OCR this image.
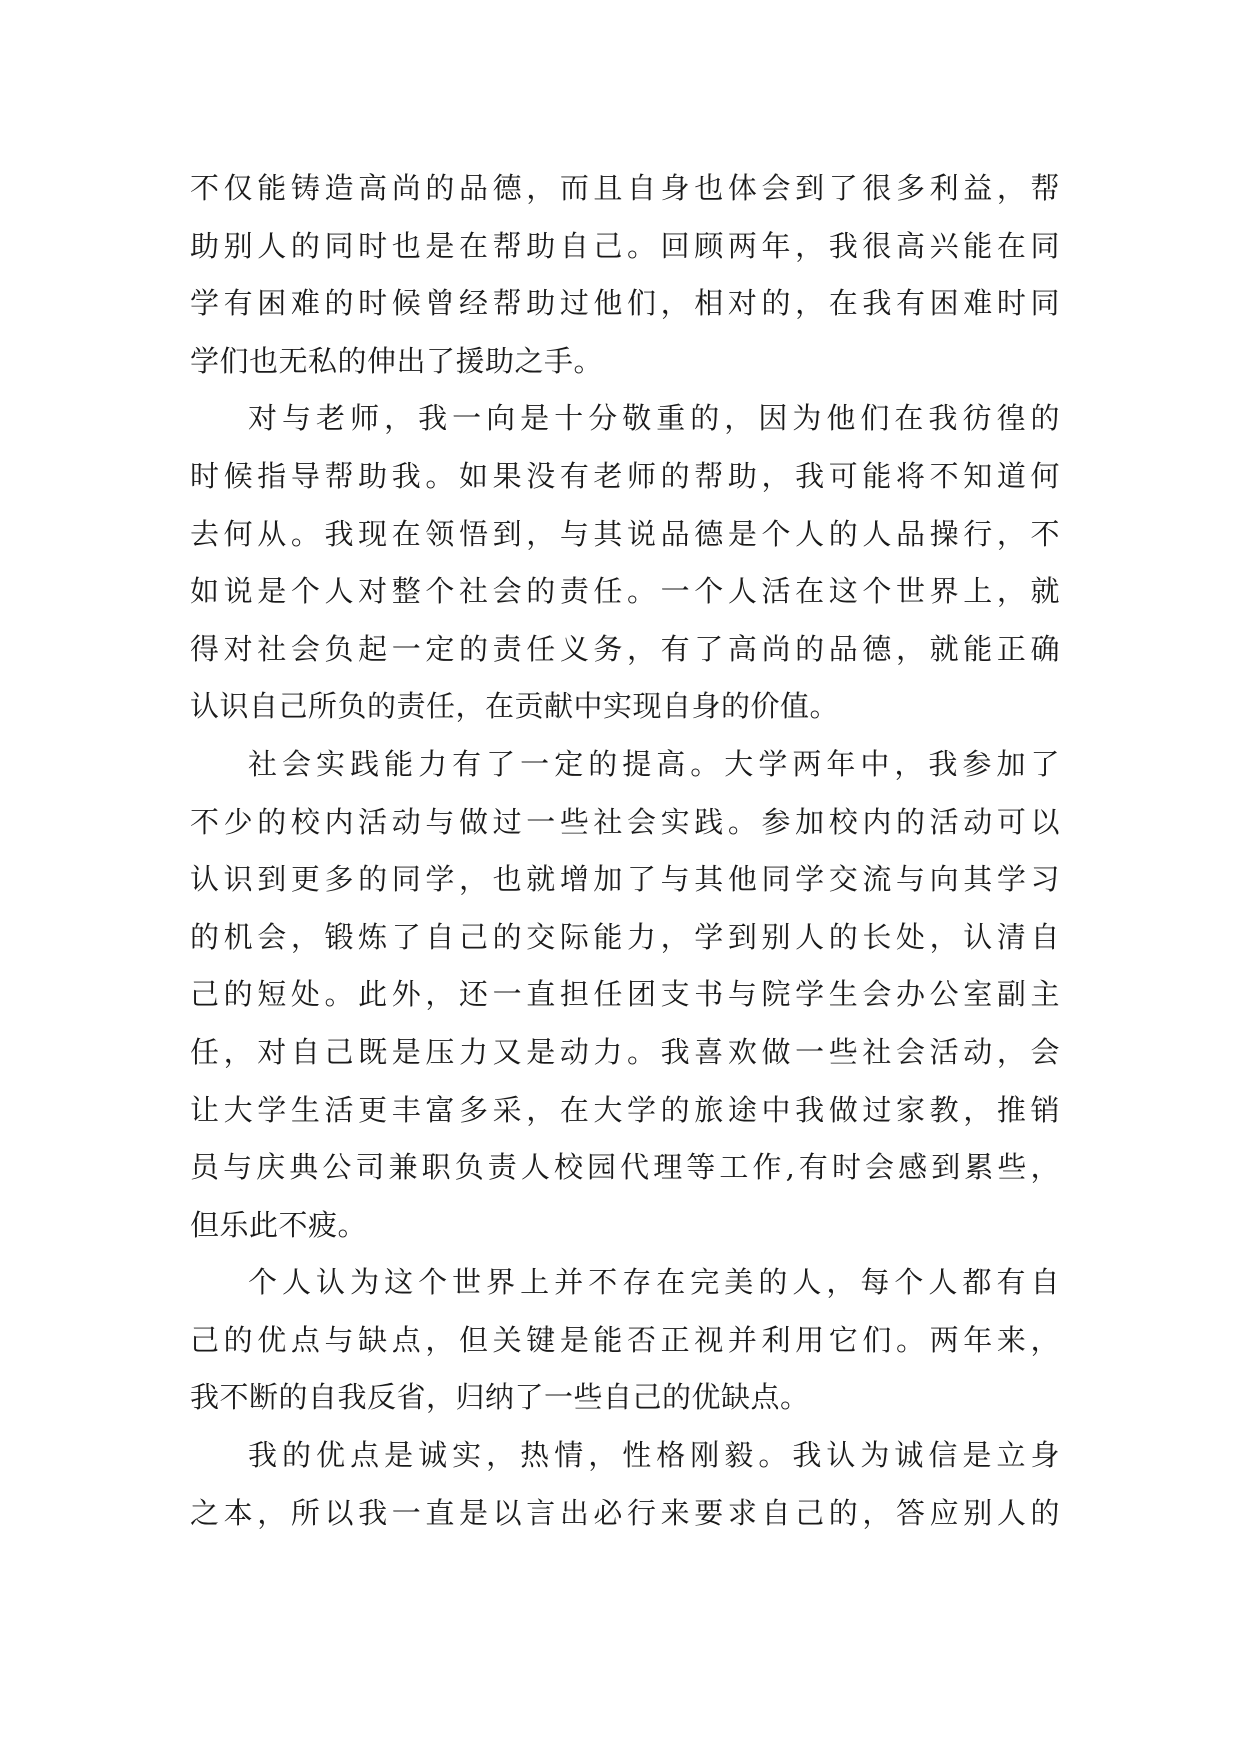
不仅能铸造高尚的品德，而且自身也体会到了很多利益，帮
助别人的同时也是在帮助自己。回顾两年，我很高兴能在同
学有困难的时候曾经帮助过他们，相对的，在我有困难时同
学们也无私的伸出了援助之手。
对与老师，我一向是十分敬重的，因为他们在我彷徨的
时候指导帮助我。如果没有老师的帮助，我可能将不知道何
去何从。我现在领悟到，与其说品德是个人的人品操行，不
如说是个人对整个社会的责任。一个人活在这个世界上，就
得对社会负起一定的责任义务，有了高尚的品德，就能正确
认识自己所负的责任，在贡献中实现自身的价值。
社会实践能力有了一定的提高。大学两年中，我参加了
不少的校内活动与做过一些社会实践。参加校内的活动可以
认识到更多的同学，也就增加了与其他同学交流与向其学习
的机会，锻炼了自己的交际能力，学到别人的长处，认清自
己的短处。此外，还一直担任团支书与院学生会办公室副主
任，对自己既是压力又是动力。我喜欢做一些社会活动，会
让大学生活更丰富多采，在大学的旅途中我做过家教，推销
员与庆典公司兼职负责人校园代理等工作,有时会感到累些，
但乐此不疲。
个人认为这个世界上并不存在完美的人，每个人都有自
己的优点与缺点，但关键是能否正视并利用它们。两年来，
我不断的自我反省，归纳了一些自己的优缺点。
我的优点是诚实，热情，性格刚毅。我认为诚信是立身
之本，所以我一直是以言出必行来要求自己的，答应别人的
